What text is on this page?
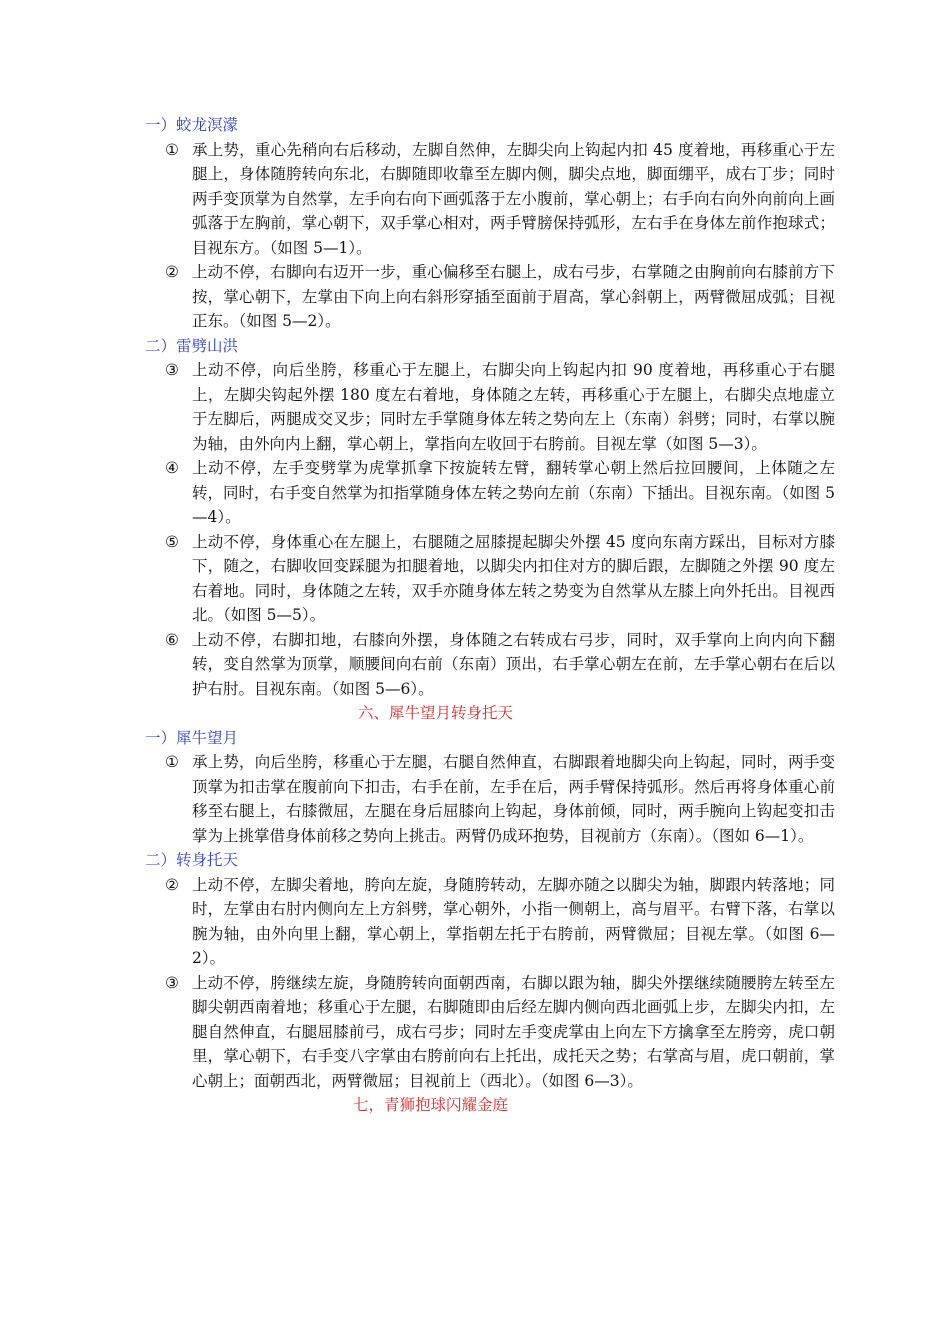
一）蛟龙溟濛
① 承上势，重心先稍向右后移动，左脚自然伸，左脚尖向上钩起内扣 45 度着地，再移重心于左腿上，身体随胯转向东北，右脚随即收靠至左脚内侧，脚尖点地，脚面绷平，成右丁步；同时两手变顶掌为自然掌，左手向右向下画弧落于左小腹前，掌心朝上；右手向右向外向前向上画弧落于左胸前，掌心朝下，双手掌心相对，两手臂膀保持弧形，左右手在身体左前作抱球式；目视东方。（如图 5—1）。
② 上动不停，右脚向右迈开一步，重心偏移至右腿上，成右弓步，右掌随之由胸前向右膝前方下按，掌心朝下，左掌由下向上向右斜形穿插至面前于眉高，掌心斜朝上，两臂微屈成弧；目视正东。（如图 5—2）。
二）雷劈山洪
③ 上动不停，向后坐胯，移重心于左腿上，右脚尖向上钩起内扣 90 度着地，再移重心于右腿上，左脚尖钩起外摆 180 度左右着地，身体随之左转，再移重心于左腿上，右脚尖点地虚立于左脚后，两腿成交叉步；同时左手掌随身体左转之势向左上（东南）斜劈；同时，右掌以腕为轴，由外向内上翻，掌心朝上，掌指向左收回于右胯前。目视左掌（如图 5—3）。
④ 上动不停，左手变劈掌为虎掌抓拿下按旋转左臂，翻转掌心朝上然后拉回腰间，上体随之左转，同时，右手变自然掌为扣指掌随身体左转之势向左前（东南）下插出。目视东南。（如图 5—4）。
⑤ 上动不停，身体重心在左腿上，右腿随之屈膝提起脚尖外摆 45 度向东南方踩出，目标对方膝下，随之，右脚收回变踩腿为扣腿着地，以脚尖内扣住对方的脚后跟，左脚随之外摆 90 度左右着地。同时，身体随之左转，双手亦随身体左转之势变为自然掌从左膝上向外托出。目视西北。（如图 5—5）。
⑥ 上动不停，右脚扣地，右膝向外摆，身体随之右转成右弓步，同时，双手掌向上向内向下翻转，变自然掌为顶掌，顺腰间向右前（东南）顶出，右手掌心朝左在前，左手掌心朝右在后以护右肘。目视东南。（如图 5—6）。
六、犀牛望月转身托天
一）犀牛望月
① 承上势，向后坐胯，移重心于左腿，右腿自然伸直，右脚跟着地脚尖向上钩起，同时，两手变顶掌为扣击掌在腹前向下扣击，右手在前，左手在后，两手臂保持弧形。然后再将身体重心前移至右腿上，右膝微屈，左腿在身后屈膝向上钩起，身体前倾，同时，两手腕向上钩起变扣击掌为上挑掌借身体前移之势向上挑击。两臂仍成环抱势，目视前方（东南）。（图如 6—1）。
二）转身托天
② 上动不停，左脚尖着地，胯向左旋，身随胯转动，左脚亦随之以脚尖为轴，脚跟内转落地；同时，左掌由右肘内侧向左上方斜劈，掌心朝外，小指一侧朝上，高与眉平。右臂下落，右掌以腕为轴，由外向里上翻，掌心朝上，掌指朝左托于右胯前，两臂微屈；目视左掌。（如图 6—2）。
③ 上动不停，胯继续左旋，身随胯转向面朝西南，右脚以跟为轴，脚尖外摆继续随腰胯左转至左脚尖朝西南着地；移重心于左腿，右脚随即由后经左脚内侧向西北画弧上步，左脚尖内扣，左腿自然伸直，右腿屈膝前弓，成右弓步；同时左手变虎掌由上向左下方擒拿至左胯旁，虎口朝里，掌心朝下，右手变八字掌由右胯前向右上托出，成托天之势；右掌高与眉，虎口朝前，掌心朝上；面朝西北，两臂微屈；目视前上（西北）。（如图 6—3）。
七，青狮抱球闪耀金庭
